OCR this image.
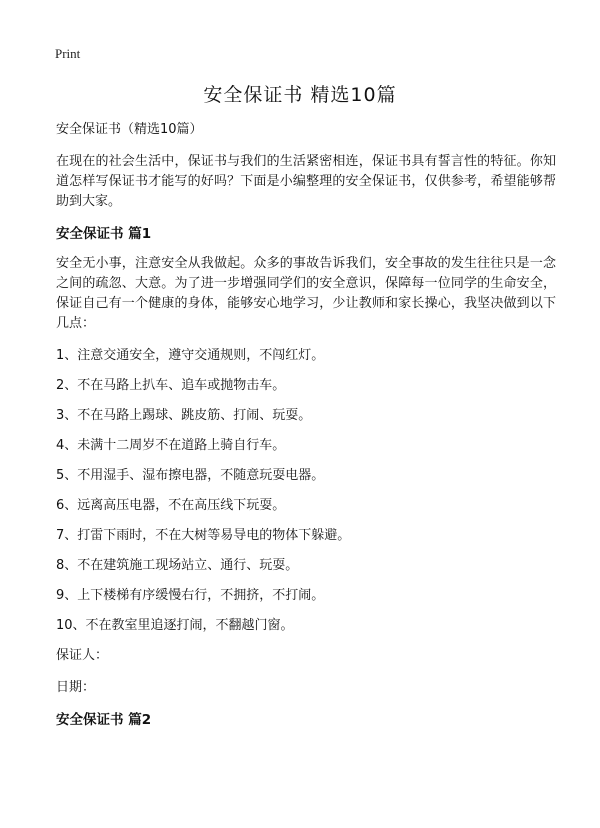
Print
安全保证书 精选10篇

安全保证书（精选10篇）

在现在的社会生活中，保证书与我们的生活紧密相连，保证书具有誓言性的特征。你知道怎样写保证书才能写的好吗？下面是小编整理的安全保证书，仅供参考，希望能够帮助到大家。

安全保证书 篇1

安全无小事，注意安全从我做起。众多的事故告诉我们，安全事故的发生往往只是一念之间的疏忽、大意。为了进一步增强同学们的安全意识，保障每一位同学的生命安全，保证自己有一个健康的身体，能够安心地学习，少让教师和家长操心，我坚决做到以下几点：

1、注意交通安全，遵守交通规则，不闯红灯。
2、不在马路上扒车、追车或抛物击车。
3、不在马路上踢球、跳皮筋、打闹、玩耍。
4、未满十二周岁不在道路上骑自行车。
5、不用湿手、湿布擦电器，不随意玩耍电器。
6、远离高压电器，不在高压线下玩耍。
7、打雷下雨时，不在大树等易导电的物体下躲避。
8、不在建筑施工现场站立、通行、玩耍。
9、上下楼梯有序缓慢右行，不拥挤，不打闹。
10、不在教室里追逐打闹，不翻越门窗。

保证人：

日期：

安全保证书 篇2
